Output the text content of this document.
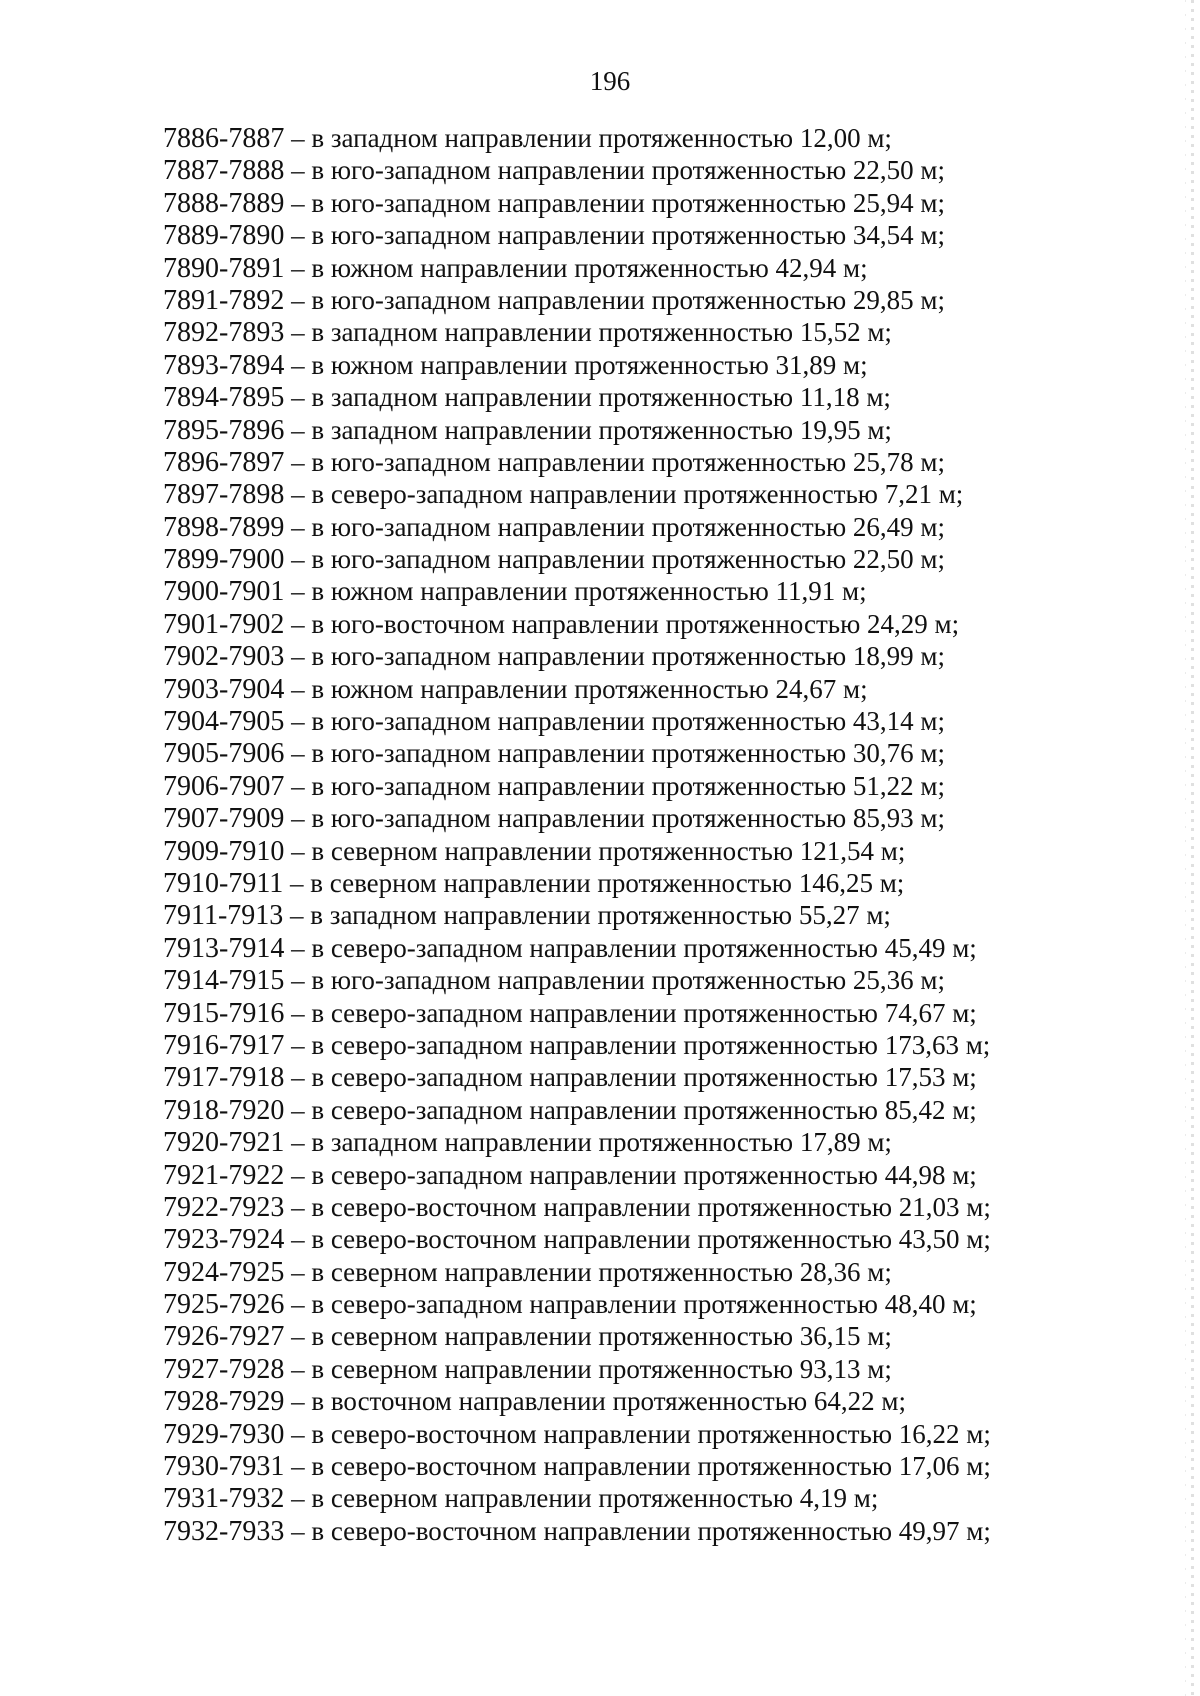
196
7886-7887 – в западном направлении протяженностью 12,00 м;
7887-7888 – в юго-западном направлении протяженностью 22,50 м;
7888-7889 – в юго-западном направлении протяженностью 25,94 м;
7889-7890 – в юго-западном направлении протяженностью 34,54 м;
7890-7891 – в южном направлении протяженностью 42,94 м;
7891-7892 – в юго-западном направлении протяженностью 29,85 м;
7892-7893 – в западном направлении протяженностью 15,52 м;
7893-7894 – в южном направлении протяженностью 31,89 м;
7894-7895 – в западном направлении протяженностью 11,18 м;
7895-7896 – в западном направлении протяженностью 19,95 м;
7896-7897 – в юго-западном направлении протяженностью 25,78 м;
7897-7898 – в северо-западном направлении протяженностью 7,21 м;
7898-7899 – в юго-западном направлении протяженностью 26,49 м;
7899-7900 – в юго-западном направлении протяженностью 22,50 м;
7900-7901 – в южном направлении протяженностью 11,91 м;
7901-7902 – в юго-восточном направлении протяженностью 24,29 м;
7902-7903 – в юго-западном направлении протяженностью 18,99 м;
7903-7904 – в южном направлении протяженностью 24,67 м;
7904-7905 – в юго-западном направлении протяженностью 43,14 м;
7905-7906 – в юго-западном направлении протяженностью 30,76 м;
7906-7907 – в юго-западном направлении протяженностью 51,22 м;
7907-7909 – в юго-западном направлении протяженностью 85,93 м;
7909-7910 – в северном направлении протяженностью 121,54 м;
7910-7911 – в северном направлении протяженностью 146,25 м;
7911-7913 – в западном направлении протяженностью 55,27 м;
7913-7914 – в северо-западном направлении протяженностью 45,49 м;
7914-7915 – в юго-западном направлении протяженностью 25,36 м;
7915-7916 – в северо-западном направлении протяженностью 74,67 м;
7916-7917 – в северо-западном направлении протяженностью 173,63 м;
7917-7918 – в северо-западном направлении протяженностью 17,53 м;
7918-7920 – в северо-западном направлении протяженностью 85,42 м;
7920-7921 – в западном направлении протяженностью 17,89 м;
7921-7922 – в северо-западном направлении протяженностью 44,98 м;
7922-7923 – в северо-восточном направлении протяженностью 21,03 м;
7923-7924 – в северо-восточном направлении протяженностью 43,50 м;
7924-7925 – в северном направлении протяженностью 28,36 м;
7925-7926 – в северо-западном направлении протяженностью 48,40 м;
7926-7927 – в северном направлении протяженностью 36,15 м;
7927-7928 – в северном направлении протяженностью 93,13 м;
7928-7929 – в восточном направлении протяженностью 64,22 м;
7929-7930 – в северо-восточном направлении протяженностью 16,22 м;
7930-7931 – в северо-восточном направлении протяженностью 17,06 м;
7931-7932 – в северном направлении протяженностью 4,19 м;
7932-7933 – в северо-восточном направлении протяженностью 49,97 м;
